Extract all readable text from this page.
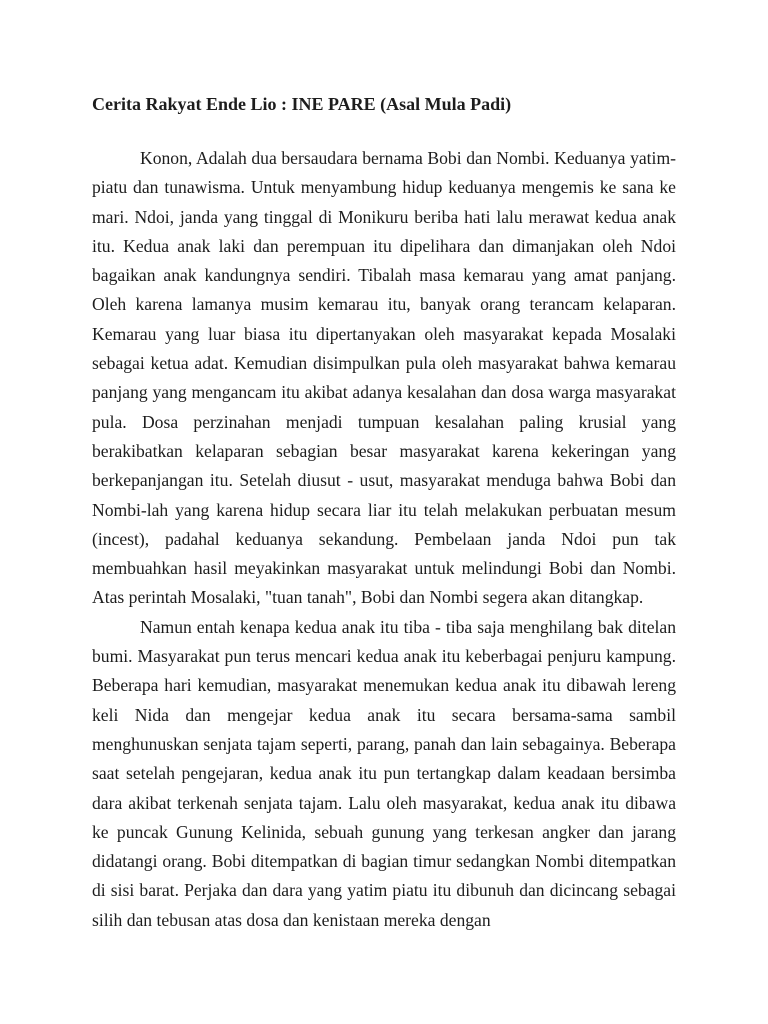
Cerita Rakyat Ende Lio : INE PARE (Asal Mula Padi)

Konon, Adalah dua bersaudara bernama Bobi dan Nombi. Keduanya yatim-piatu dan tunawisma. Untuk menyambung hidup keduanya mengemis ke sana ke mari. Ndoi, janda yang tinggal di Monikuru beriba hati lalu merawat kedua anak itu. Kedua anak laki dan perempuan itu dipelihara dan dimanjakan oleh Ndoi bagaikan anak kandungnya sendiri. Tibalah masa kemarau yang amat panjang. Oleh karena lamanya musim kemarau itu, banyak orang terancam kelaparan. Kemarau yang luar biasa itu dipertanyakan oleh masyarakat kepada Mosalaki sebagai ketua adat. Kemudian disimpulkan pula oleh masyarakat bahwa kemarau panjang yang mengancam itu akibat adanya kesalahan dan dosa warga masyarakat pula. Dosa perzinahan menjadi tumpuan kesalahan paling krusial yang berakibatkan kelaparan sebagian besar masyarakat karena kekeringan yang berkepanjangan itu. Setelah diusut - usut, masyarakat menduga bahwa Bobi dan Nombi-lah yang karena hidup secara liar itu telah melakukan perbuatan mesum (incest), padahal keduanya sekandung. Pembelaan janda Ndoi pun tak membuahkan hasil meyakinkan masyarakat untuk melindungi Bobi dan Nombi. Atas perintah Mosalaki, "tuan tanah", Bobi dan Nombi segera akan ditangkap.

Namun entah kenapa kedua anak itu tiba - tiba saja menghilang bak ditelan bumi. Masyarakat pun terus mencari kedua anak itu keberbagai penjuru kampung. Beberapa hari kemudian, masyarakat menemukan kedua anak itu dibawah lereng keli Nida dan mengejar kedua anak itu secara bersama-sama sambil menghunuskan senjata tajam seperti, parang, panah dan lain sebagainya. Beberapa saat setelah pengejaran, kedua anak itu pun tertangkap dalam keadaan bersimba dara akibat terkenah senjata tajam. Lalu oleh masyarakat, kedua anak itu dibawa ke puncak Gunung Kelinida, sebuah gunung yang terkesan angker dan jarang didatangi orang. Bobi ditempatkan di bagian timur sedangkan Nombi ditempatkan di sisi barat. Perjaka dan dara yang yatim piatu itu dibunuh dan dicincang sebagai silih dan tebusan atas dosa dan kenistaan mereka dengan
